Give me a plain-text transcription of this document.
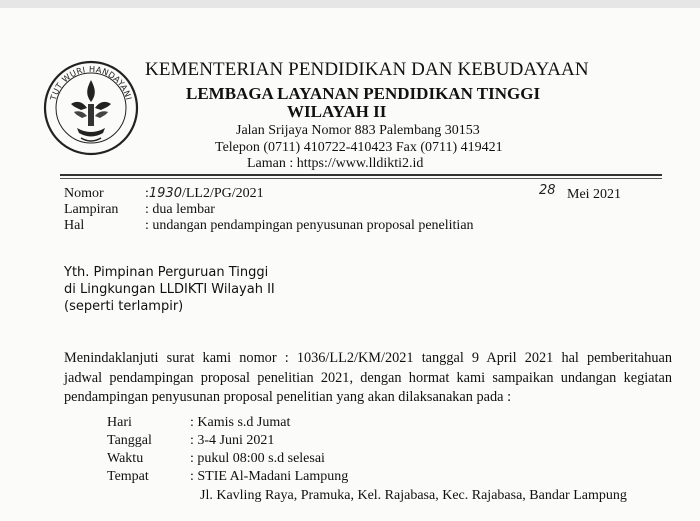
TUT WURI HANDAYANI
KEMENTERIAN PENDIDIKAN DAN KEBUDAYAAN
LEMBAGA LAYANAN PENDIDIKAN TINGGI
WILAYAH II
Jalan Srijaya Nomor 883 Palembang 30153
Telepon (0711) 410722-410423 Fax (0711) 419421
Laman : https://www.lldikti2.id
Nomor	:1930/LL2/PG/2021	28 Mei 2021
Lampiran : dua lembar
Hal	: undangan pendampingan penyusunan proposal penelitian
Yth. Pimpinan Perguruan Tinggi
di Lingkungan LLDIKTI Wilayah II
(seperti terlampir)
Menindaklanjuti surat kami nomor : 1036/LL2/KM/2021 tanggal 9 April 2021 hal pemberitahuan
jadwal pendampingan proposal penelitian 2021, dengan hormat kami sampaikan undangan kegiatan
pendampingan penyusunan proposal penelitian yang akan dilaksanakan pada :
Hari	: Kamis s.d Jumat
Tanggal	: 3-4 Juni 2021
Waktu	: pukul 08:00 s.d selesai
Tempat	: STIE Al-Madani Lampung
Jl. Kavling Raya, Pramuka, Kel. Rajabasa, Kec. Rajabasa, Bandar Lampung
